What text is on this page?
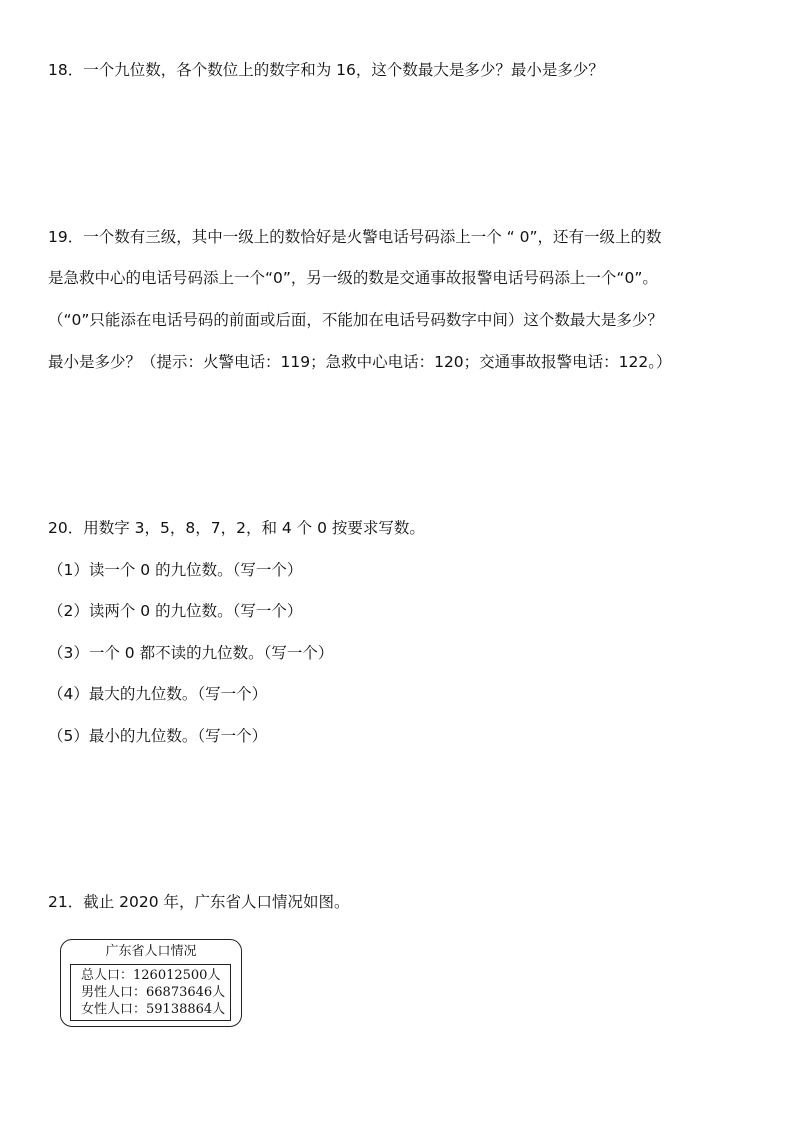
18．一个九位数，各个数位上的数字和为 16，这个数最大是多少？最小是多少？
19．一个数有三级，其中一级上的数恰好是火警电话号码添上一个 “ 0”，还有一级上的数
是急救中心的电话号码添上一个“0”，另一级的数是交通事故报警电话号码添上一个“0”。
（“0”只能添在电话号码的前面或后面，不能加在电话号码数字中间）这个数最大是多少？
最小是多少？（提示：火警电话：119；急救中心电话：120；交通事故报警电话：122。）
20．用数字 3，5，8，7，2，和 4 个 0 按要求写数。
（1）读一个 0 的九位数。（写一个）
（2）读两个 0 的九位数。（写一个）
（3）一个 0 都不读的九位数。（写一个）
（4）最大的九位数。（写一个）
（5）最小的九位数。（写一个）
21．截止 2020 年，广东省人口情况如图。
广东省人口情况
总人口：126012500人
男性人口：66873646人
女性人口：59138864人
